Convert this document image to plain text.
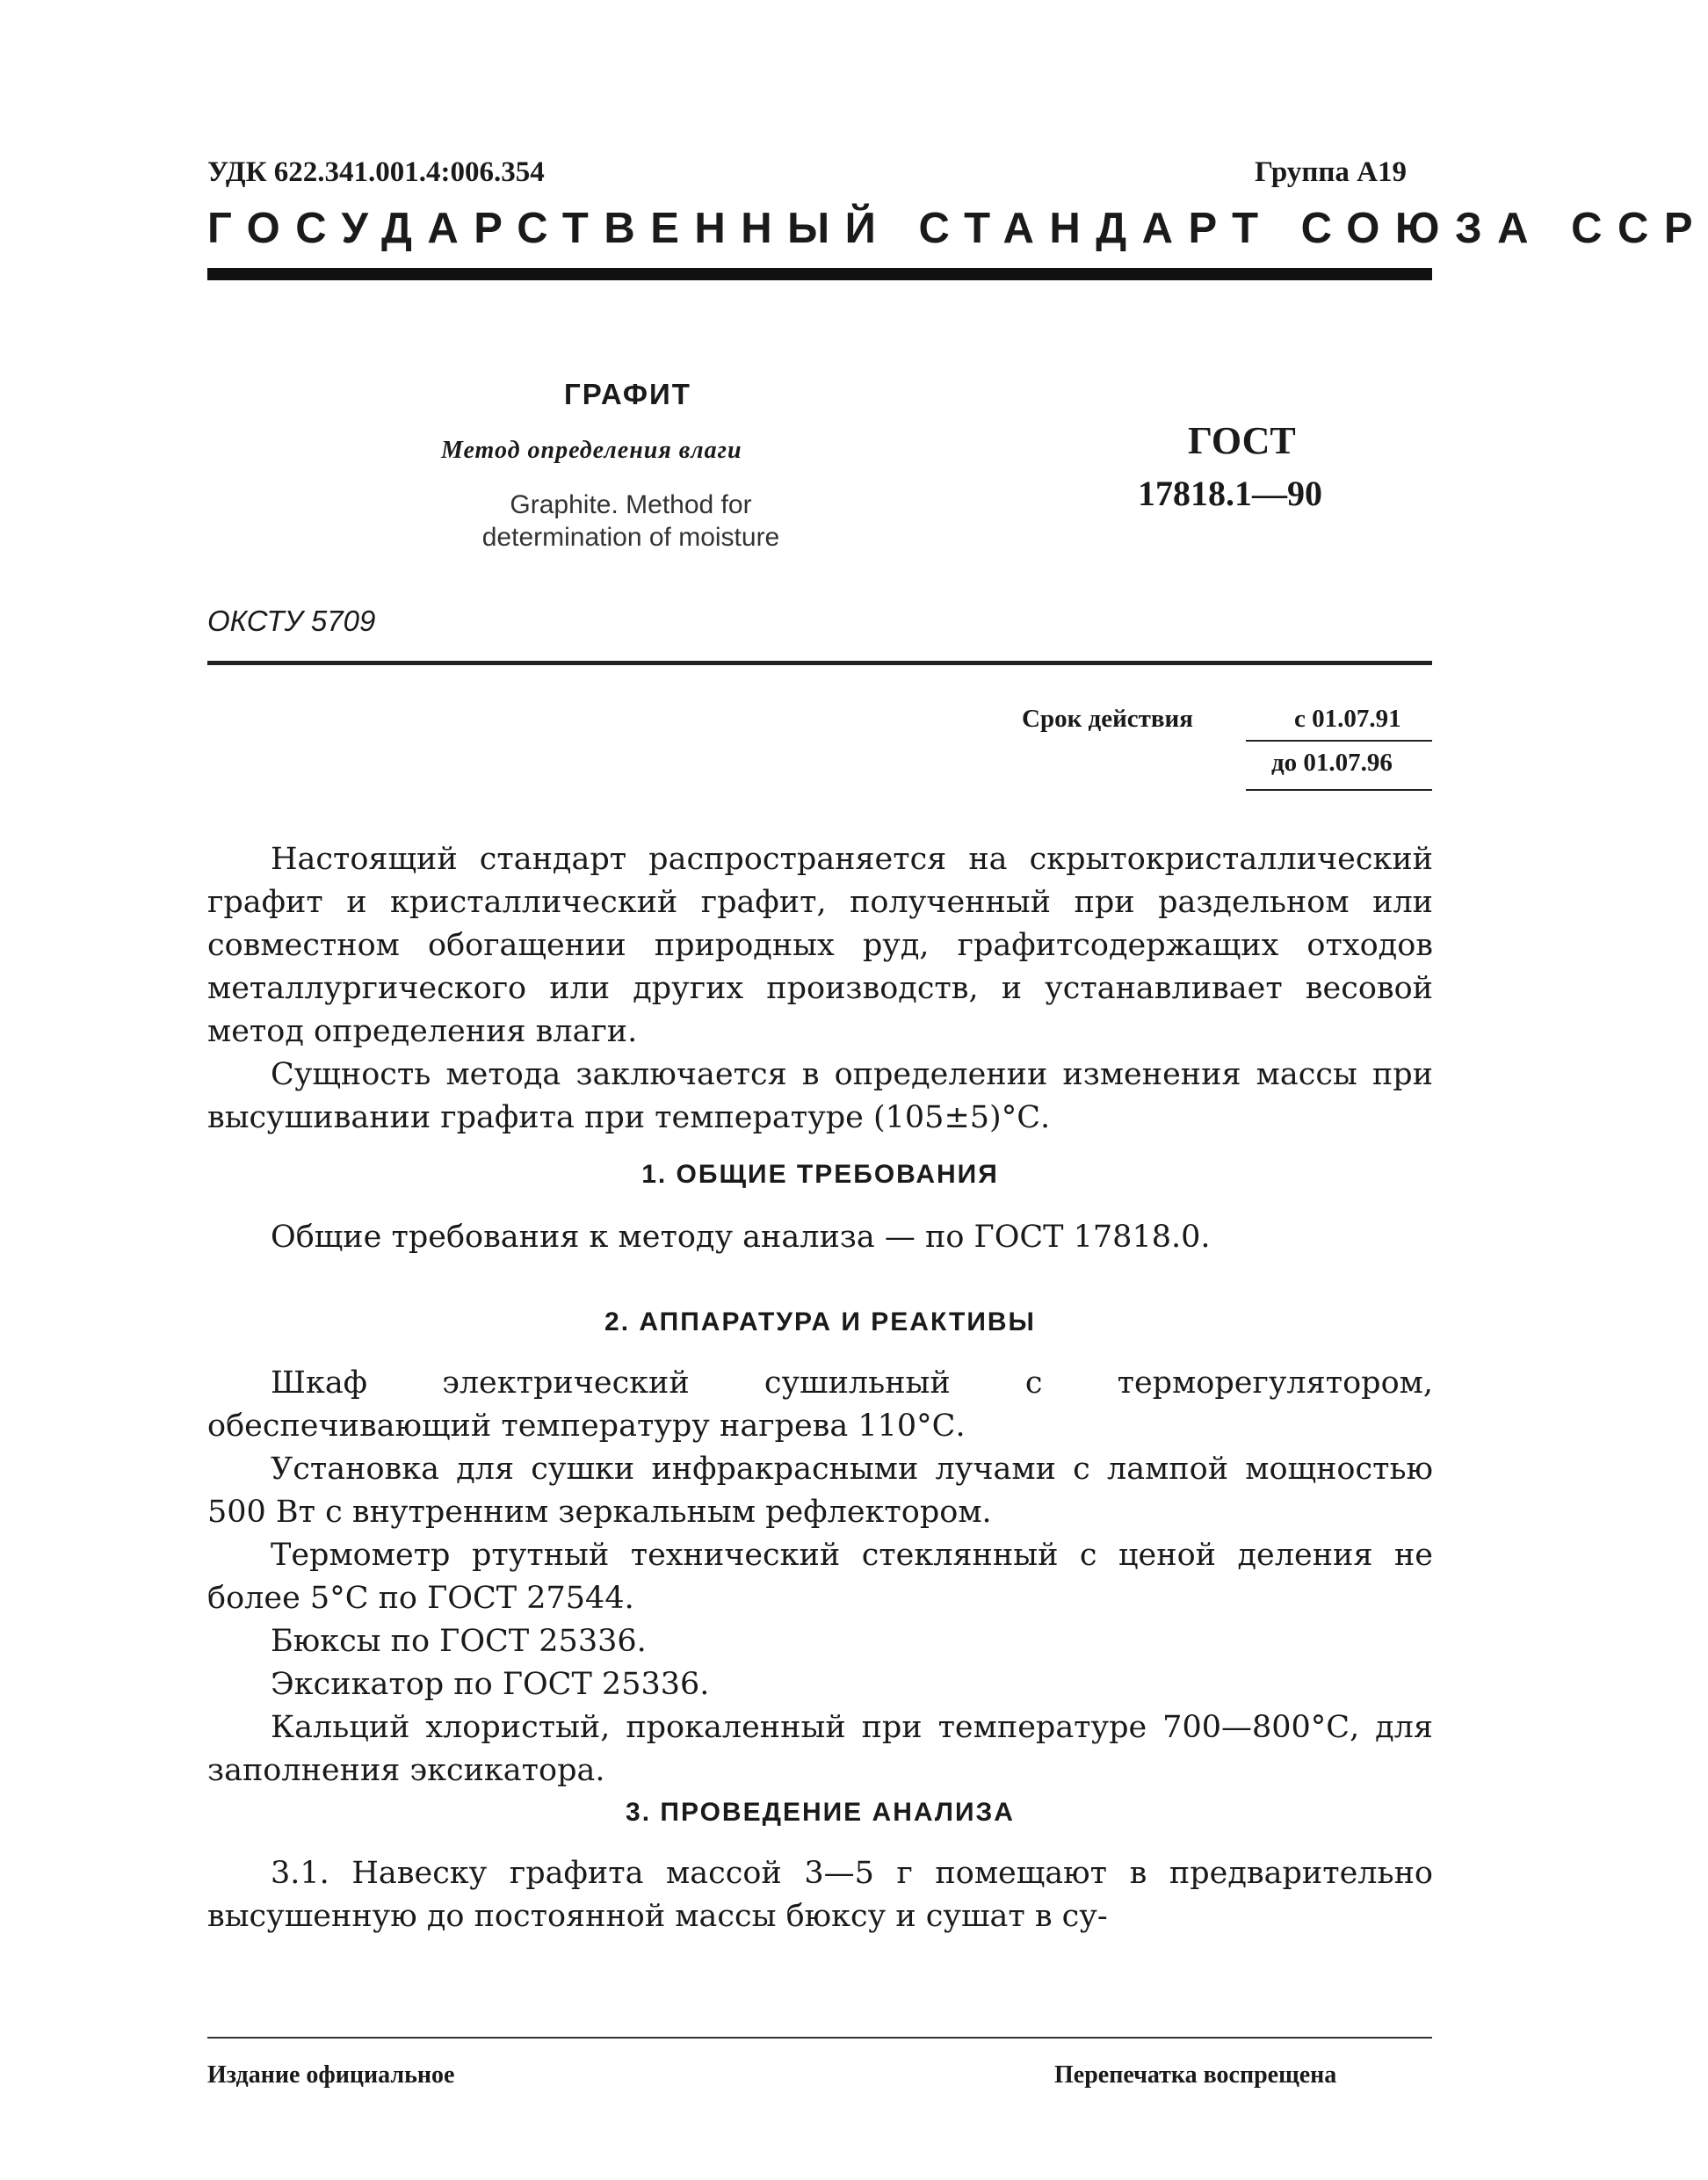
УДК 622.341.001.4:006.354	Группа А19
ГОСУДАРСТВЕННЫЙ СТАНДАРТ СОЮЗА ССР
ГРАФИТ
Метод определения влаги
Graphite. Method for
determination of moisture
ГОСТ
17818.1—90
ОКСТУ 5709
Срок действия	с 01.07.91
до 01.07.96

Настоящий стандарт распространяется на скрытокристаллический графит и кристаллический графит, полученный при раздельном или совместном обогащении природных руд, графитсодержащих отходов металлургического или других производств, и устанавливает весовой метод определения влаги.

Сущность метода заключается в определении изменения массы при высушивании графита при температуре (105±5)°С.

1. ОБЩИЕ ТРЕБОВАНИЯ

Общие требования к методу анализа — по ГОСТ 17818.0.

2. АППАРАТУРА И РЕАКТИВЫ

Шкаф электрический сушильный с терморегулятором, обеспечивающий температуру нагрева 110°С.

Установка для сушки инфракрасными лучами с лампой мощностью 500 Вт с внутренним зеркальным рефлектором.

Термометр ртутный технический стеклянный с ценой деления не более 5°С по ГОСТ 27544.

Бюксы по ГОСТ 25336.

Эксикатор по ГОСТ 25336.

Кальций хлористый, прокаленный при температуре 700—800°С, для заполнения эксикатора.

3. ПРОВЕДЕНИЕ АНАЛИЗА

3.1. Навеску графита массой 3—5 г помещают в предварительно высушенную до постоянной массы бюксу и сушат в су-

Издание официальное	Перепечатка воспрещена
